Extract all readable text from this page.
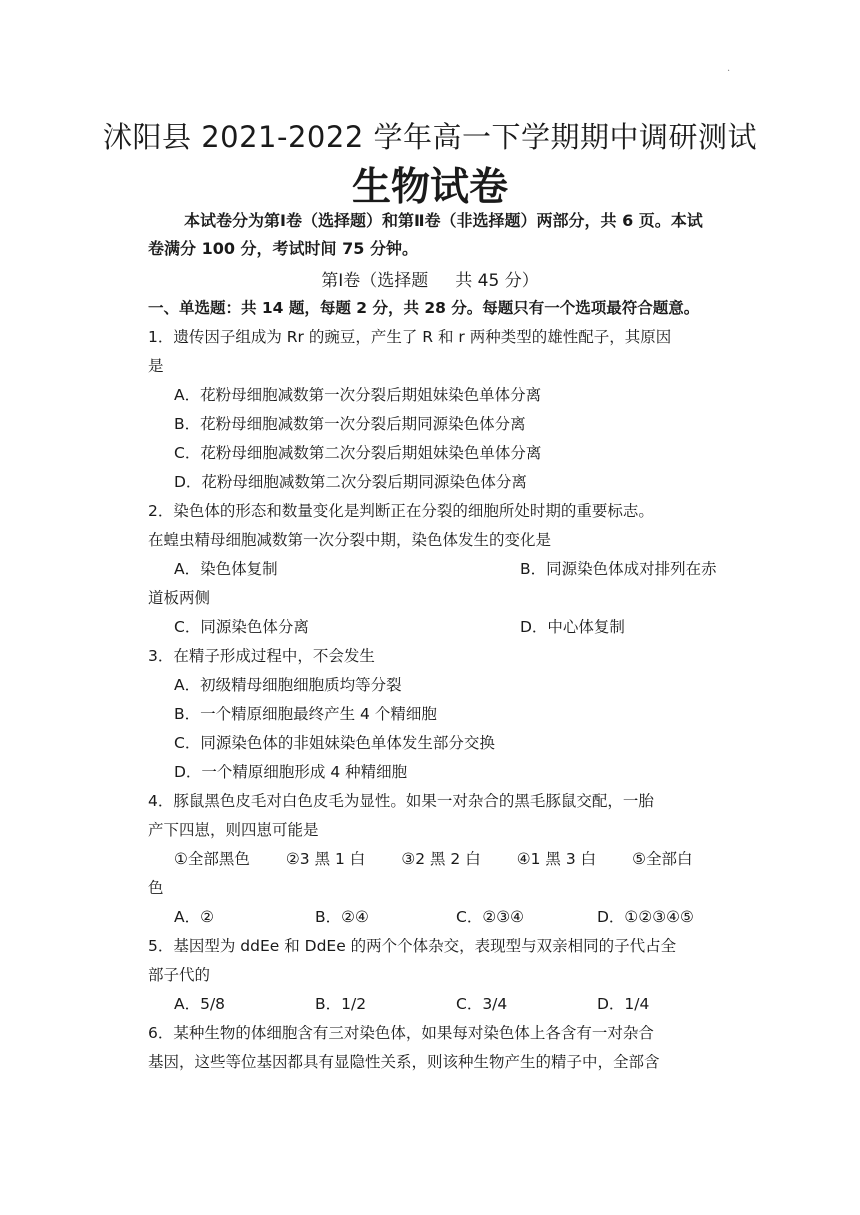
·
沭阳县 2021-2022 学年高一下学期期中调研测试
生物试卷
本试卷分为第Ⅰ卷（选择题）和第Ⅱ卷（非选择题）两部分，共 6 页。本试卷满分 100 分，考试时间 75 分钟。
第Ⅰ卷（选择题     共 45 分）
一、单选题：共 14 题，每题 2 分，共 28 分。每题只有一个选项最符合题意。
1．遗传因子组成为 Rr 的豌豆，产生了 R 和 r 两种类型的雄性配子，其原因
是
A．花粉母细胞减数第一次分裂后期姐妹染色单体分离
B．花粉母细胞减数第一次分裂后期同源染色体分离
C．花粉母细胞减数第二次分裂后期姐妹染色单体分离
D．花粉母细胞减数第二次分裂后期同源染色体分离
2．染色体的形态和数量变化是判断正在分裂的细胞所处时期的重要标志。
在蝗虫精母细胞减数第一次分裂中期，染色体发生的变化是
A．染色体复制	B．同源染色体成对排列在赤
道板两侧
C．同源染色体分离	D．中心体复制
3．在精子形成过程中，不会发生
A．初级精母细胞细胞质均等分裂
B．一个精原细胞最终产生 4 个精细胞
C．同源染色体的非姐妹染色单体发生部分交换
D．一个精原细胞形成 4 种精细胞
4．豚鼠黑色皮毛对白色皮毛为显性。如果一对杂合的黑毛豚鼠交配，一胎
产下四崽，则四崽可能是
①全部黑色 ②3 黑 1 白 ③2 黑 2 白 ④1 黑 3 白 ⑤全部白
色
A．②	B．②④	C．②③④	D．①②③④⑤
5．基因型为 ddEe 和 DdEe 的两个个体杂交，表现型与双亲相同的子代占全
部子代的
A．5/8	B．1/2	C．3/4	D．1/4
6．某种生物的体细胞含有三对染色体，如果每对染色体上各含有一对杂合
基因，这些等位基因都具有显隐性关系，则该种生物产生的精子中，全部含
